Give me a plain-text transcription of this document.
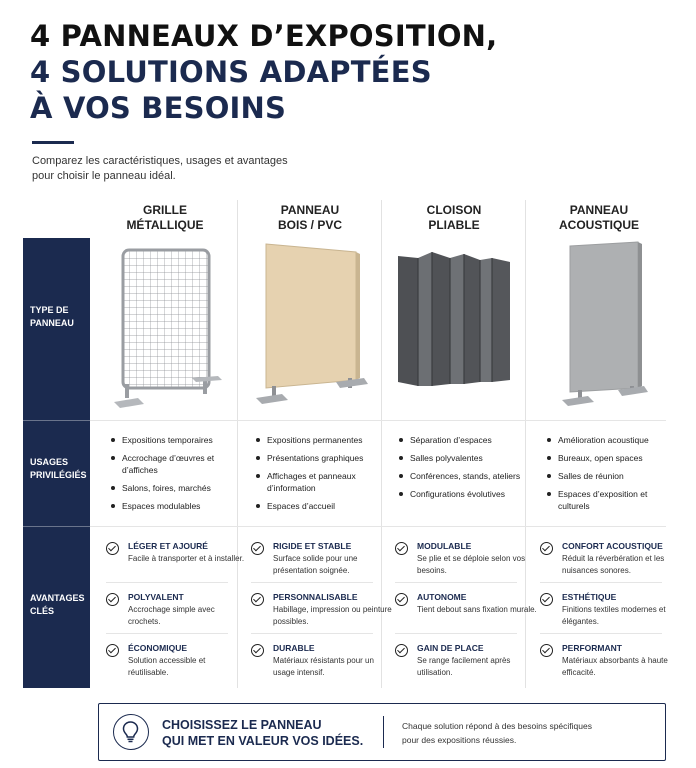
4 PANNEAUX D’EXPOSITION,
4 SOLUTIONS ADAPTÉES
À VOS BESOINS
Comparez les caractéristiques, usages et avantages
pour choisir le panneau idéal.
GRILLE
MÉTALLIQUE
PANNEAU
BOIS / PVC
CLOISON
PLIABLE
PANNEAU
ACOUSTIQUE
TYPE DE
PANNEAU
USAGES
PRIVILÉGIÉS
AVANTAGES
CLÉS
Expositions temporaires
Accrochage d’œuvres et d’affiches
Salons, foires, marchés
Espaces modulables
Expositions permanentes
Présentations graphiques
Affichages et panneaux d’information
Espaces d’accueil
Séparation d’espaces
Salles polyvalentes
Conférences, stands, ateliers
Configurations évolutives
Amélioration acoustique
Bureaux, open spaces
Salles de réunion
Espaces d’exposition et culturels
LÉGER ET AJOURÉ
Facile à transporter et à installer.
POLYVALENT
Accrochage simple avec crochets.
ÉCONOMIQUE
Solution accessible et réutilisable.
RIGIDE ET STABLE
Surface solide pour une présentation soignée.
PERSONNALISABLE
Habillage, impression ou peinture possibles.
DURABLE
Matériaux résistants pour un usage intensif.
MODULABLE
Se plie et se déploie selon vos besoins.
AUTONOME
Tient debout sans fixation murale.
GAIN DE PLACE
Se range facilement après utilisation.
CONFORT ACOUSTIQUE
Réduit la réverbération et les nuisances sonores.
ESTHÉTIQUE
Finitions textiles modernes et élégantes.
PERFORMANT
Matériaux absorbants à haute efficacité.
CHOISISSEZ LE PANNEAU
QUI MET EN VALEUR VOS IDÉES.
Chaque solution répond à des besoins spécifiques
pour des expositions réussies.
